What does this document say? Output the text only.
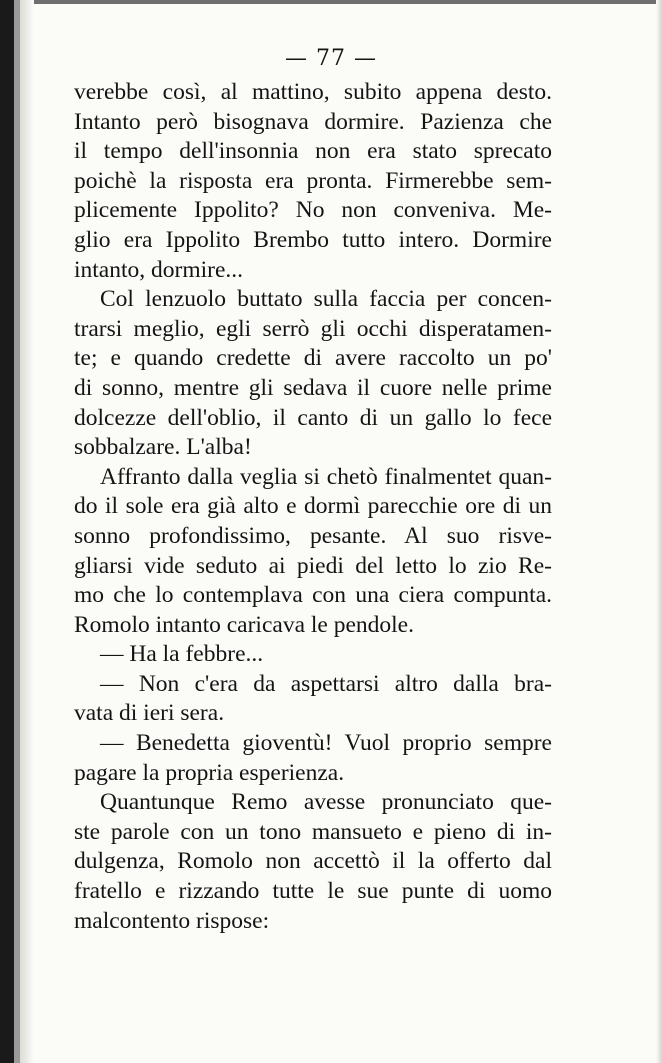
— 77 —
verebbe così, al mattino, subito appena desto.
Intanto però bisognava dormire. Pazienza che
il tempo dell'insonnia non era stato sprecato
poichè la risposta era pronta. Firmerebbe sem-
plicemente Ippolito? No non conveniva. Me-
glio era Ippolito Brembo tutto intero. Dormire
intanto, dormire...
Col lenzuolo buttato sulla faccia per concen-
trarsi meglio, egli serrò gli occhi disperatamen-
te; e quando credette di avere raccolto un po'
di sonno, mentre gli sedava il cuore nelle prime
dolcezze dell'oblio, il canto di un gallo lo fece
sobbalzare. L'alba!
Affranto dalla veglia si chetò finalmentet quan-
do il sole era già alto e dormì parecchie ore di un
sonno profondissimo, pesante. Al suo risve-
gliarsi vide seduto ai piedi del letto lo zio Re-
mo che lo contemplava con una ciera compunta.
Romolo intanto caricava le pendole.
— Ha la febbre...
— Non c'era da aspettarsi altro dalla bra-
vata di ieri sera.
— Benedetta gioventù! Vuol proprio sempre
pagare la propria esperienza.
Quantunque Remo avesse pronunciato que-
ste parole con un tono mansueto e pieno di in-
dulgenza, Romolo non accettò il la offerto dal
fratello e rizzando tutte le sue punte di uomo
malcontento rispose:
